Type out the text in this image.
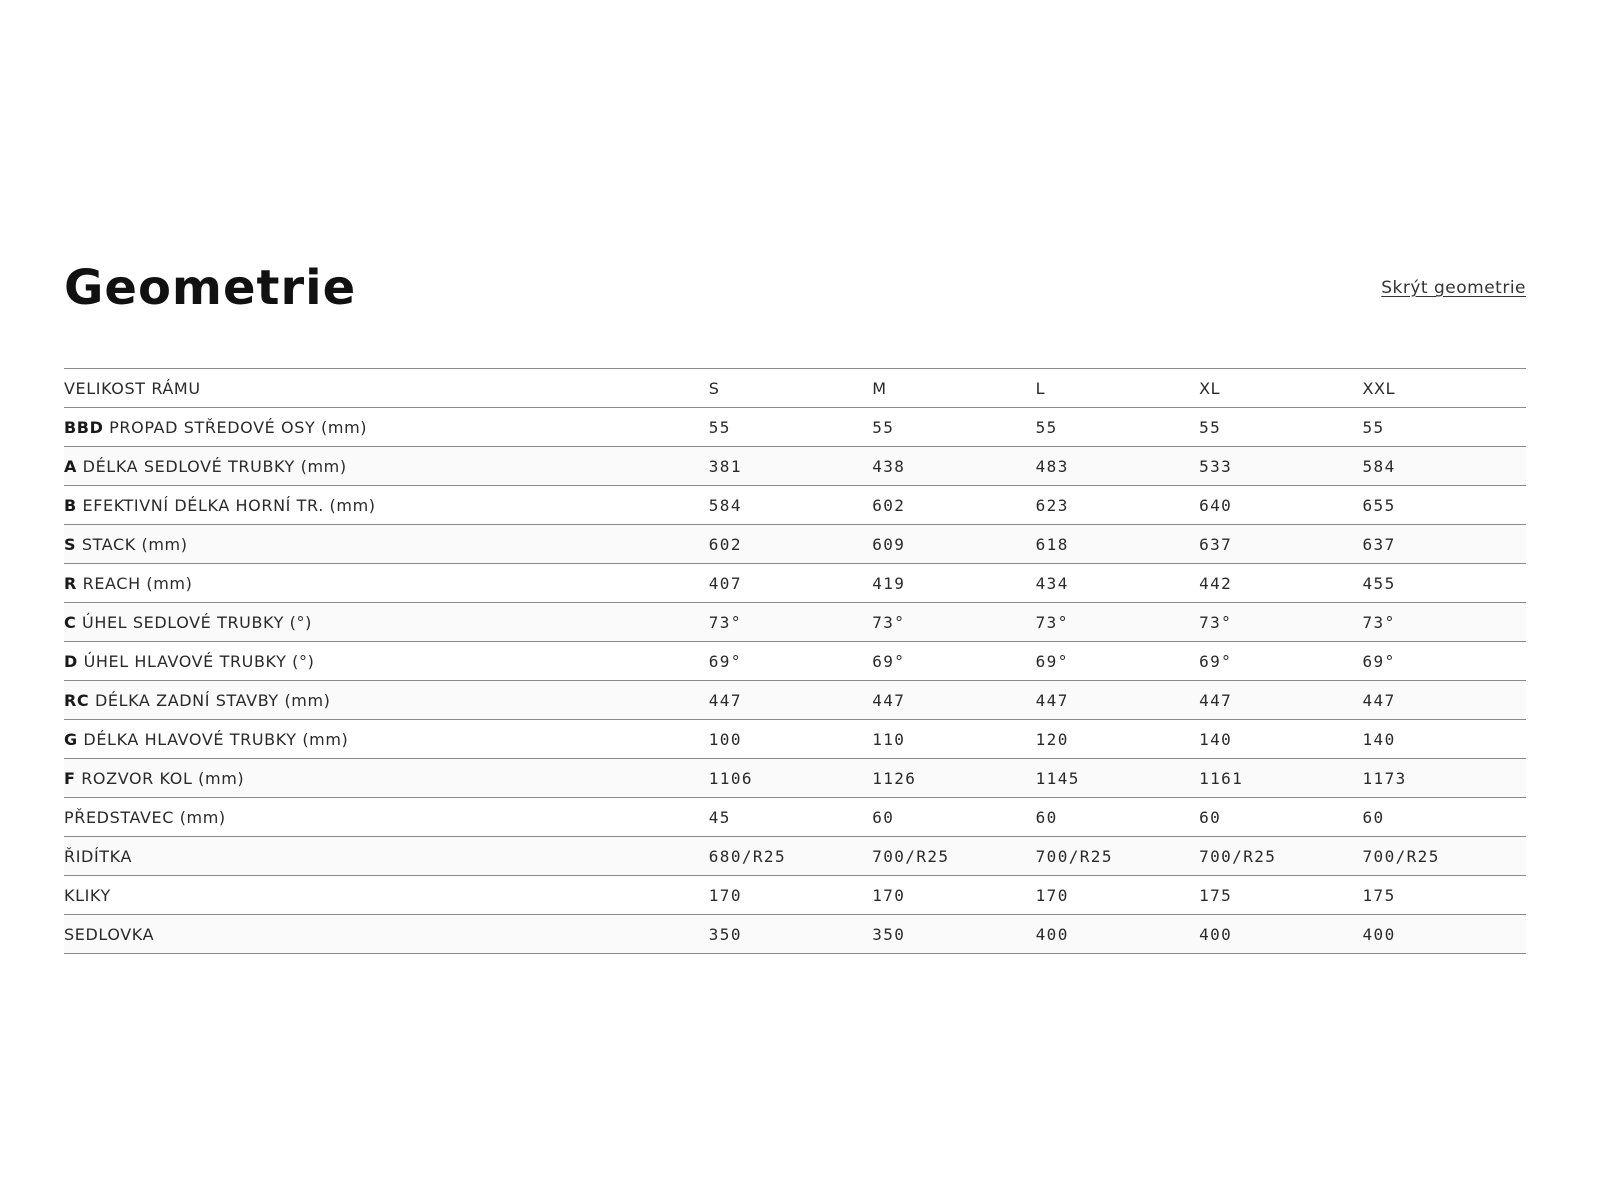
Geometrie	Skrýt geometrie
VELIKOST RÁMU	S	M	L	XL	XXL
BBD PROPAD STŘEDOVÉ OSY (mm)	55	55	55	55	55
A DÉLKA SEDLOVÉ TRUBKY (mm)	381	438	483	533	584
B EFEKTIVNÍ DÉLKA HORNÍ TR. (mm)	584	602	623	640	655
S STACK (mm)	602	609	618	637	637
R REACH (mm)	407	419	434	442	455
C ÚHEL SEDLOVÉ TRUBKY (°)	73°	73°	73°	73°	73°
D ÚHEL HLAVOVÉ TRUBKY (°)	69°	69°	69°	69°	69°
RC DÉLKA ZADNÍ STAVBY (mm)	447	447	447	447	447
G DÉLKA HLAVOVÉ TRUBKY (mm)	100	110	120	140	140
F ROZVOR KOL (mm)	1106	1126	1145	1161	1173
PŘEDSTAVEC (mm)	45	60	60	60	60
ŘIDÍTKA	680/R25	700/R25	700/R25	700/R25	700/R25
KLIKY	170	170	170	175	175
SEDLOVKA	350	350	400	400	400
